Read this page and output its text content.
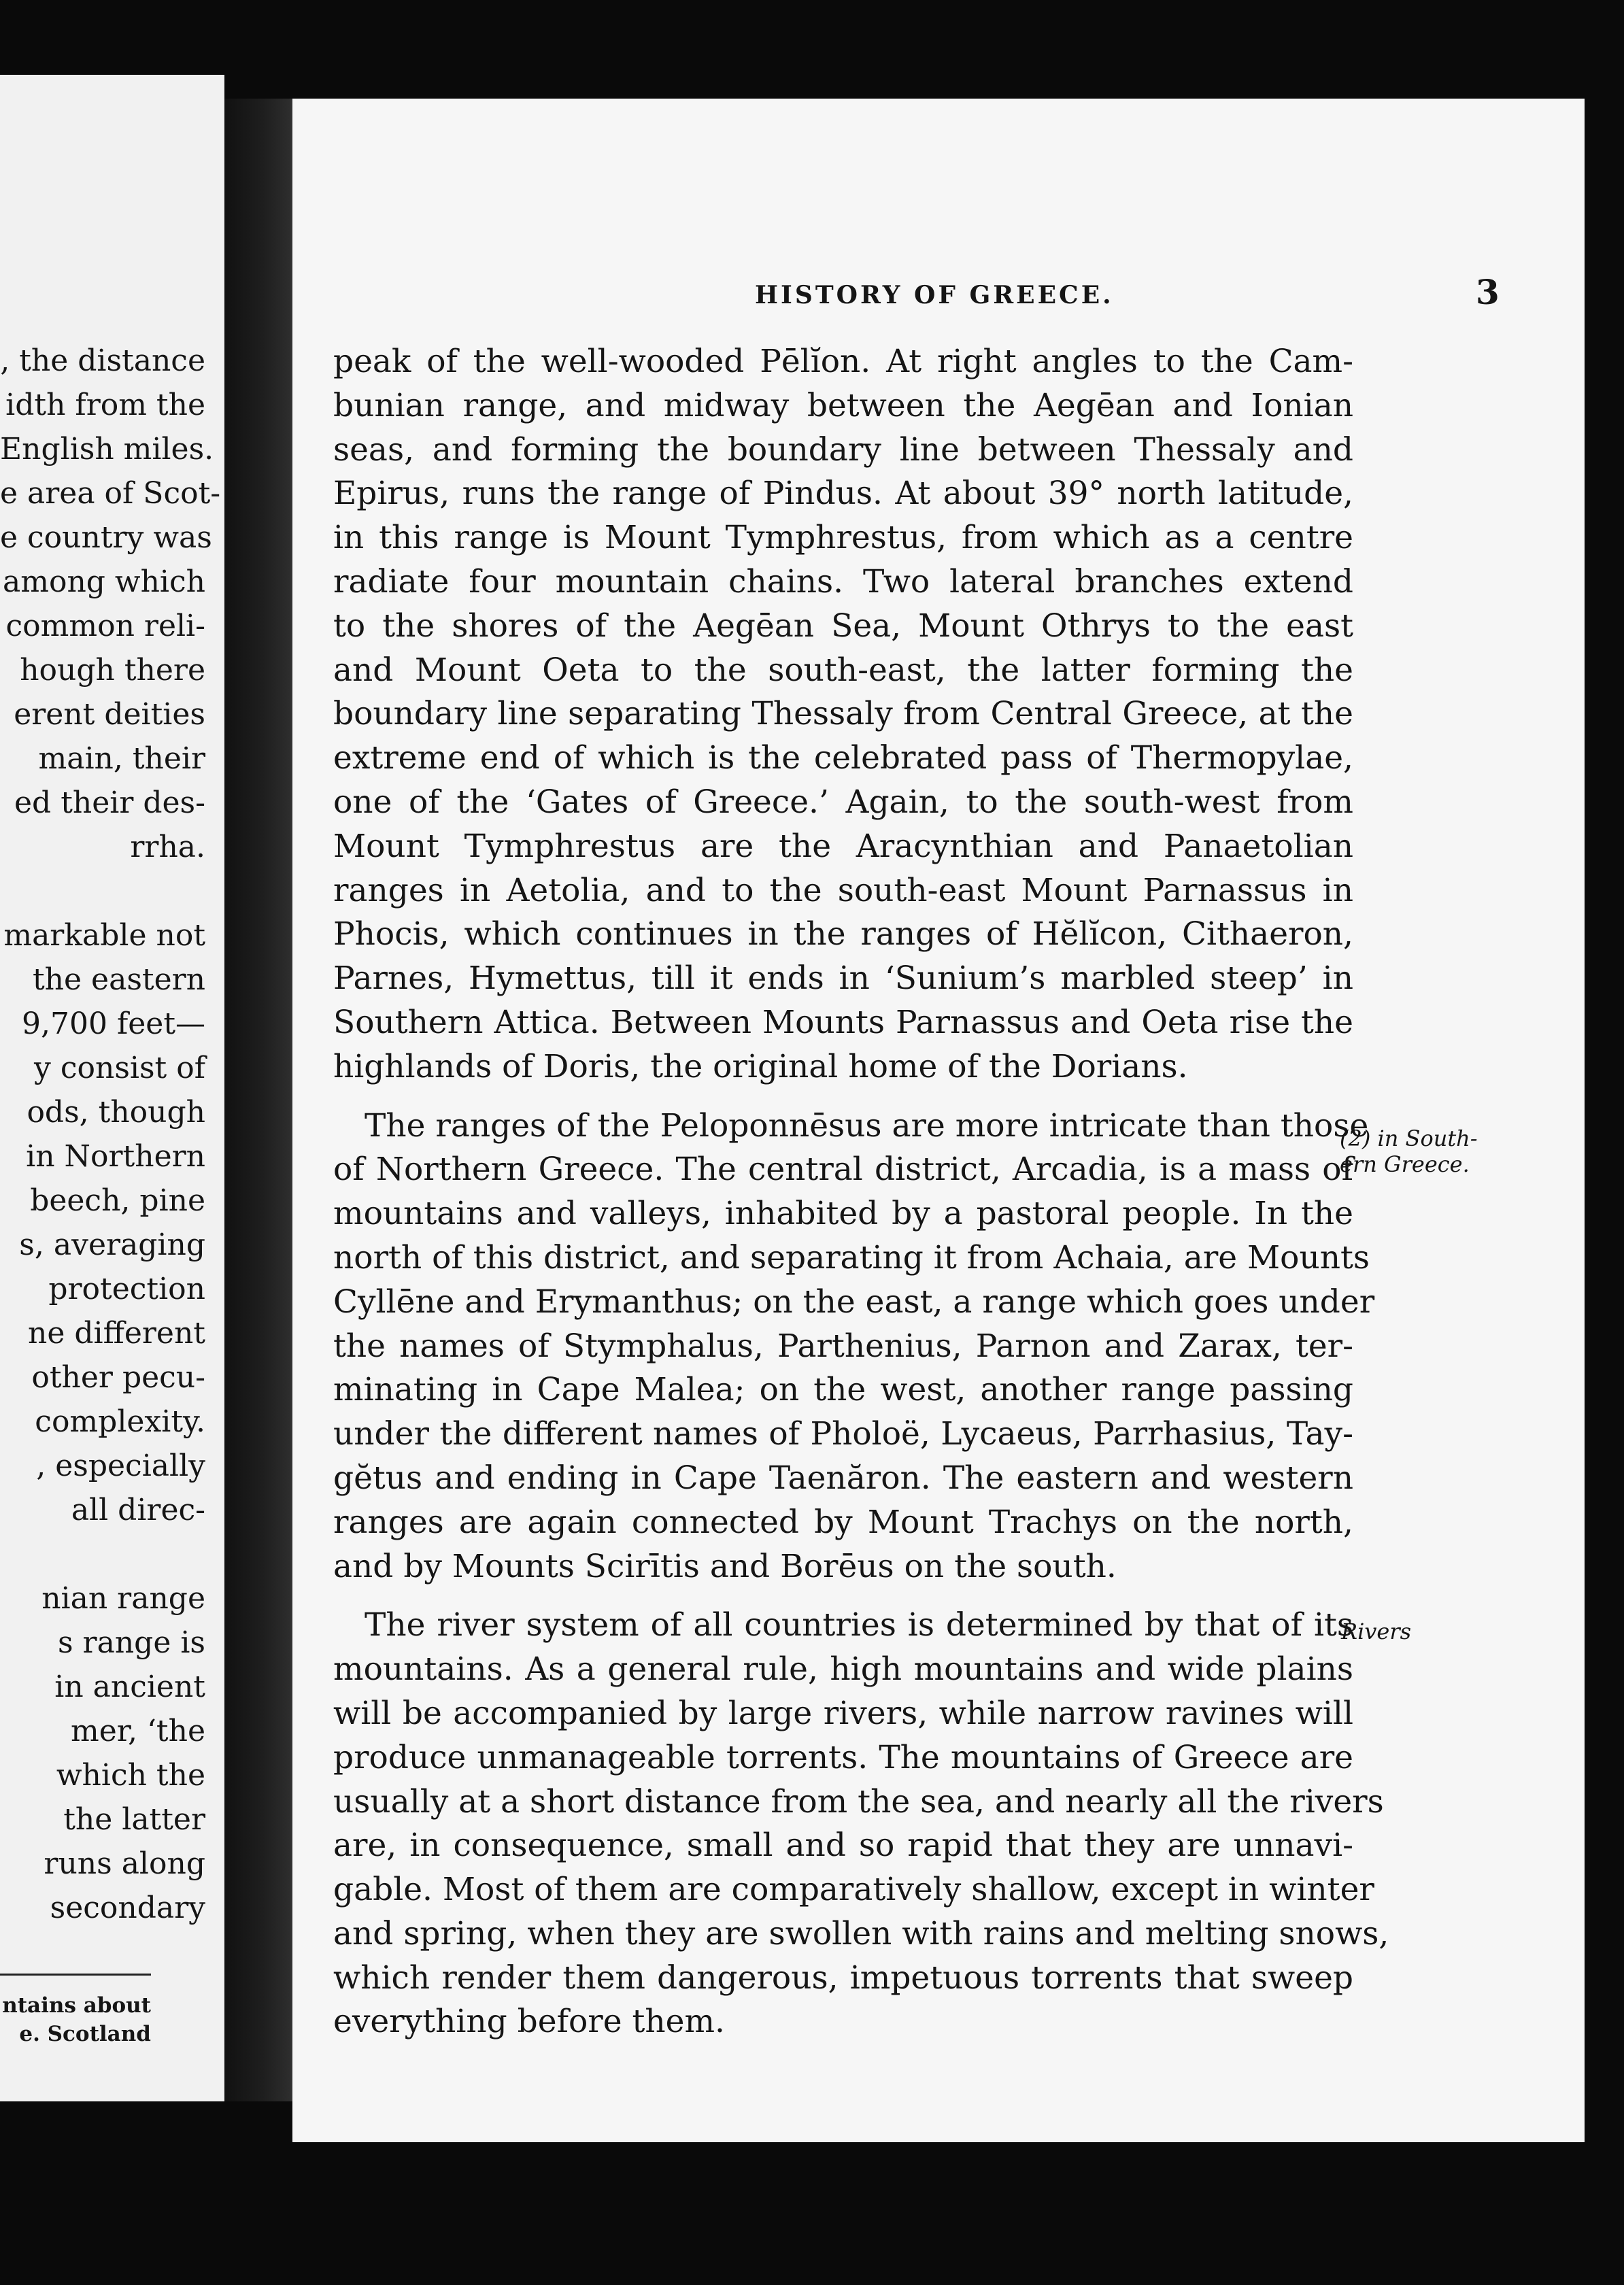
, the distance
idth from the
English miles.
e area of Scot-
e country was
among which
common reli-
hough there
erent deities
main, their
ed their des-
rrha.

markable not
the eastern
9,700 feet—
y consist of
ods, though
in Northern
beech, pine
s, averaging
protection
ne different
other pecu-
complexity.
, especially
all direc-

nian range
s range is
in ancient
mer, ‘the
which the
the latter
runs along
secondary
ntains about
e. Scotland
HISTORY OF GREECE.	3
peak of the well-wooded Pēlĭon. At right angles to the Cam-
bunian range, and midway between the Aegēan and Ionian
seas, and forming the boundary line between Thessaly and
Epirus, runs the range of Pindus. At about 39° north latitude,
in this range is Mount Tymphrestus, from which as a centre
radiate four mountain chains. Two lateral branches extend
to the shores of the Aegēan Sea, Mount Othrys to the east
and Mount Oeta to the south-east, the latter forming the
boundary line separating Thessaly from Central Greece, at the
extreme end of which is the celebrated pass of Thermopylae,
one of the ‘Gates of Greece.’ Again, to the south-west from
Mount Tymphrestus are the Aracynthian and Panaetolian
ranges in Aetolia, and to the south-east Mount Parnassus in
Phocis, which continues in the ranges of Hĕlĭcon, Cithaeron,
Parnes, Hymettus, till it ends in ‘Sunium’s marbled steep’ in
Southern Attica. Between Mounts Parnassus and Oeta rise the
highlands of Doris, the original home of the Dorians.
The ranges of the Peloponnēsus are more intricate than those
of Northern Greece. The central district, Arcadia, is a mass of
mountains and valleys, inhabited by a pastoral people. In the
north of this district, and separating it from Achaia, are Mounts
Cyllēne and Erymanthus; on the east, a range which goes under
the names of Stymphalus, Parthenius, Parnon and Zarax, ter-
minating in Cape Malea; on the west, another range passing
under the different names of Pholoë, Lycaeus, Parrhasius, Tay-
gĕtus and ending in Cape Taenăron. The eastern and western
ranges are again connected by Mount Trachys on the north,
and by Mounts Scirītis and Borēus on the south.
The river system of all countries is determined by that of its
mountains. As a general rule, high mountains and wide plains
will be accompanied by large rivers, while narrow ravines will
produce unmanageable torrents. The mountains of Greece are
usually at a short distance from the sea, and nearly all the rivers
are, in consequence, small and so rapid that they are unnavi-
gable. Most of them are comparatively shallow, except in winter
and spring, when they are swollen with rains and melting snows,
which render them dangerous, impetuous torrents that sweep
everything before them.
(2) in South-
ern Greece.
Rivers
